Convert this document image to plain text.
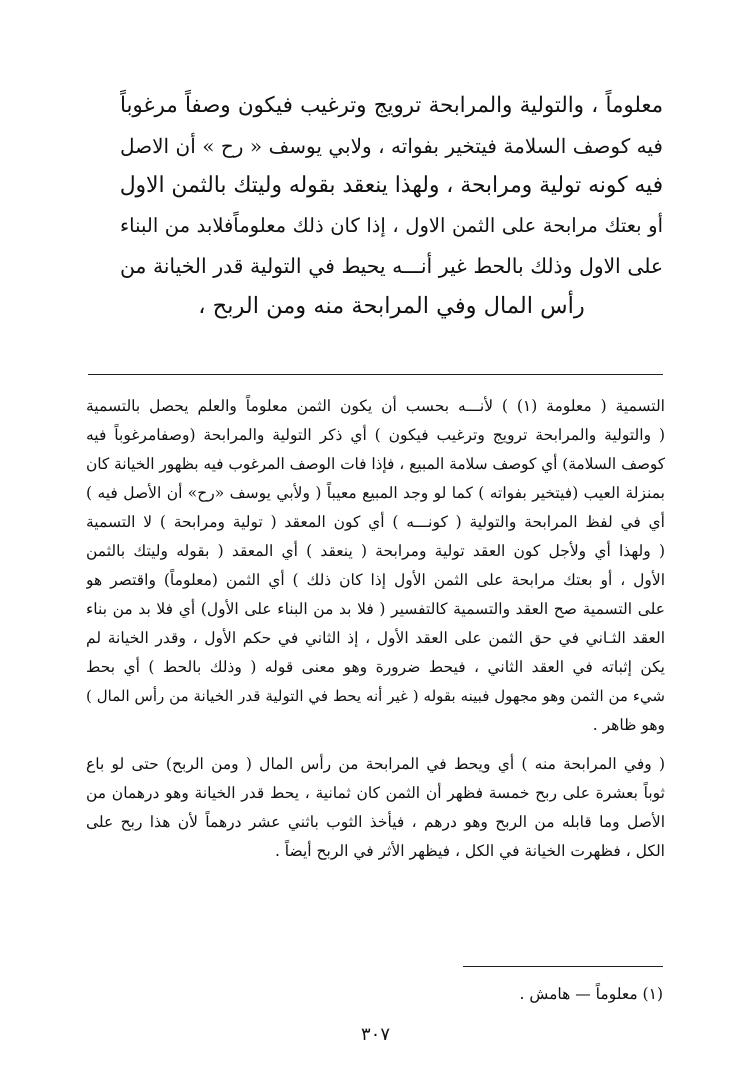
معلوماً ، والتولية والمرابحة ترويج وترغيب فيكون وصفاً مرغوباً
فيه كوصف السلامة فيتخير بفواته ، ولابي يوسف « رح » أن الاصل
فيه كونه تولية ومرابحة ، ولهذا ينعقد بقوله وليتك بالثمن الاول
أو بعتك مرابحة على الثمن الاول ، إذا كان ذلك معلوماًفلابد من البناء
على الاول وذلك بالحط غير أنـــه يحيط في التولية قدر الخيانة من
رأس المال وفي المرابحة منه ومن الربح ،
التسمية ( معلومة (١) ) لأنـــه بحسب أن يكون الثمن معلوماً والعلم يحصل بالتسمية
( والتولية والمرابحة ترويج وترغيب فيكون ) أي ذكر التولية والمرابحة (وصفامرغوباً فيه
كوصف السلامة) أي كوصف سلامة المبيع ، فإذا فات الوصف المرغوب فيه بظهور الخيانة كان
بمنزلة العيب (فيتخير بفواته ) كما لو وجد المبيع معيباً ( ولأبي يوسف «رح» أن الأصل فيه )
أي في لفظ المرابحة والتولية ( كونـــه ) أي كون المعقد ( تولية ومرابحة ) لا التسمية
( ولهذا أي ولأجل كون العقد تولية ومرابحة ( ينعقد ) أي المعقد ( بقوله وليتك بالثمن
الأول ، أو بعتك مرابحة على الثمن الأول إذا كان ذلك ) أي الثمن (معلوماً) واقتصر هو
على التسمية صح العقد والتسمية كالتفسير ( فلا بد من البناء على الأول) أي فلا بد من بناء
العقد الثـاني في حق الثمن على العقد الأول ، إذ الثاني في حكم الأول ، وقدر الخيانة لم
يكن إثباته في العقد الثاني ، فيحط ضرورة وهو معنى قوله ( وذلك بالحط ) أي بحط
شيء من الثمن وهو مجهول فبينه بقوله ( غير أنه يحط في التولية قدر الخيانة من رأس المال )
وهو ظاهر .
( وفي المرابحة منه ) أي ويحط في المرابحة من رأس المال ( ومن الربح) حتى لو باع
ثوباً بعشرة على ربح خمسة فظهر أن الثمن كان ثمانية ، يحط قدر الخيانة وهو درهمان من
الأصل وما قابله من الربح وهو درهم ، فيأخذ الثوب باثني عشر درهماً لأن هذا ربح على
الكل ، فظهرت الخيانة في الكل ، فيظهر الأثر في الربح أيضاً .
(١) معلوماً — هامش .
٣٠٧
